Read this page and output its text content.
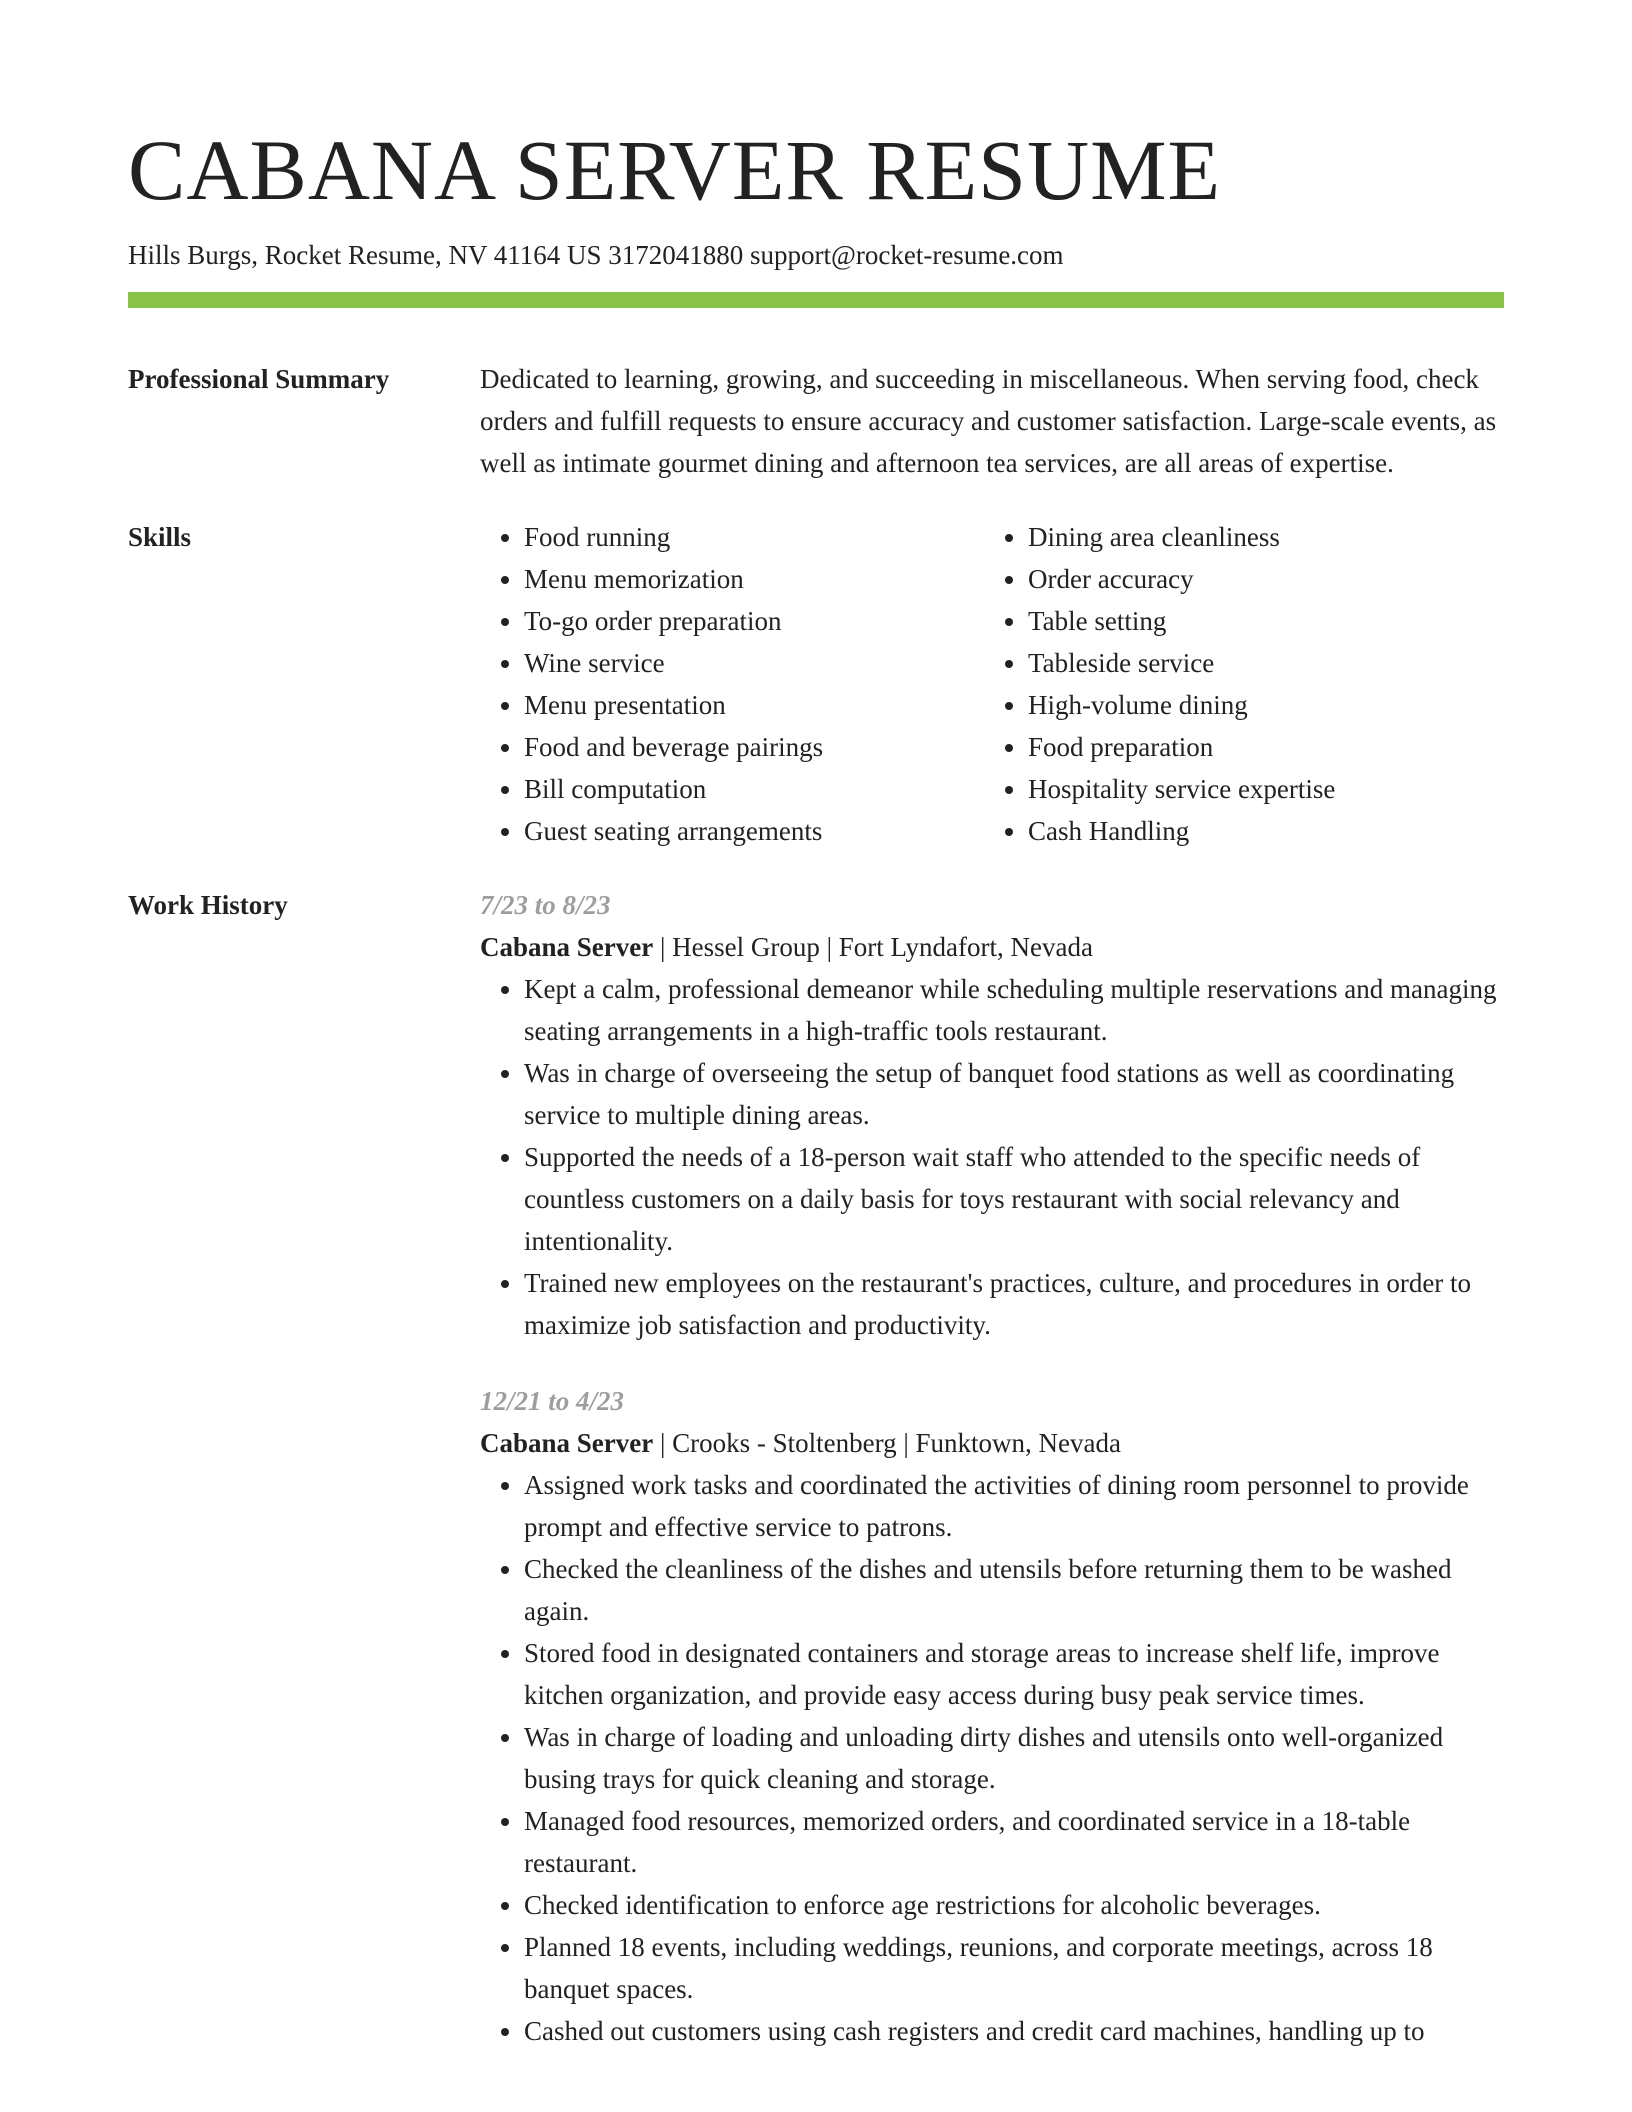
CABANA SERVER RESUME
Hills Burgs, Rocket Resume, NV 41164 US 3172041880 support@rocket-resume.com
Professional Summary	Dedicated to learning, growing, and succeeding in miscellaneous. When serving food, check orders and fulfill requests to ensure accuracy and customer satisfaction. Large-scale events, as well as intimate gourmet dining and afternoon tea services, are all areas of expertise.

Skills
•	Food running
• Menu memorization
• To-go order preparation
• Wine service
• Menu presentation
• Food and beverage pairings
• Bill computation
• Guest seating arrangements
• Dining area cleanliness
• Order accuracy
• Table setting
• Tableside service
• High-volume dining
• Food preparation
• Hospitality service expertise
• Cash Handling
Work History	7/23 to 8/23
Cabana Server | Hessel Group | Fort Lyndafort, Nevada
• Kept a calm, professional demeanor while scheduling multiple reservations and managing seating arrangements in a high-traffic tools restaurant.
• Was in charge of overseeing the setup of banquet food stations as well as coordinating service to multiple dining areas.
• Supported the needs of a 18-person wait staff who attended to the specific needs of countless customers on a daily basis for toys restaurant with social relevancy and intentionality.
• Trained new employees on the restaurant's practices, culture, and procedures in order to maximize job satisfaction and productivity.
12/21 to 4/23
Cabana Server | Crooks - Stoltenberg | Funktown, Nevada
• Assigned work tasks and coordinated the activities of dining room personnel to provide prompt and effective service to patrons.
• Checked the cleanliness of the dishes and utensils before returning them to be washed again.
• Stored food in designated containers and storage areas to increase shelf life, improve kitchen organization, and provide easy access during busy peak service times.
• Was in charge of loading and unloading dirty dishes and utensils onto well-organized busing trays for quick cleaning and storage.
• Managed food resources, memorized orders, and coordinated service in a 18-table restaurant.
• Checked identification to enforce age restrictions for alcoholic beverages.
• Planned 18 events, including weddings, reunions, and corporate meetings, across 18 banquet spaces.
• Cashed out customers using cash registers and credit card machines, handling up to
